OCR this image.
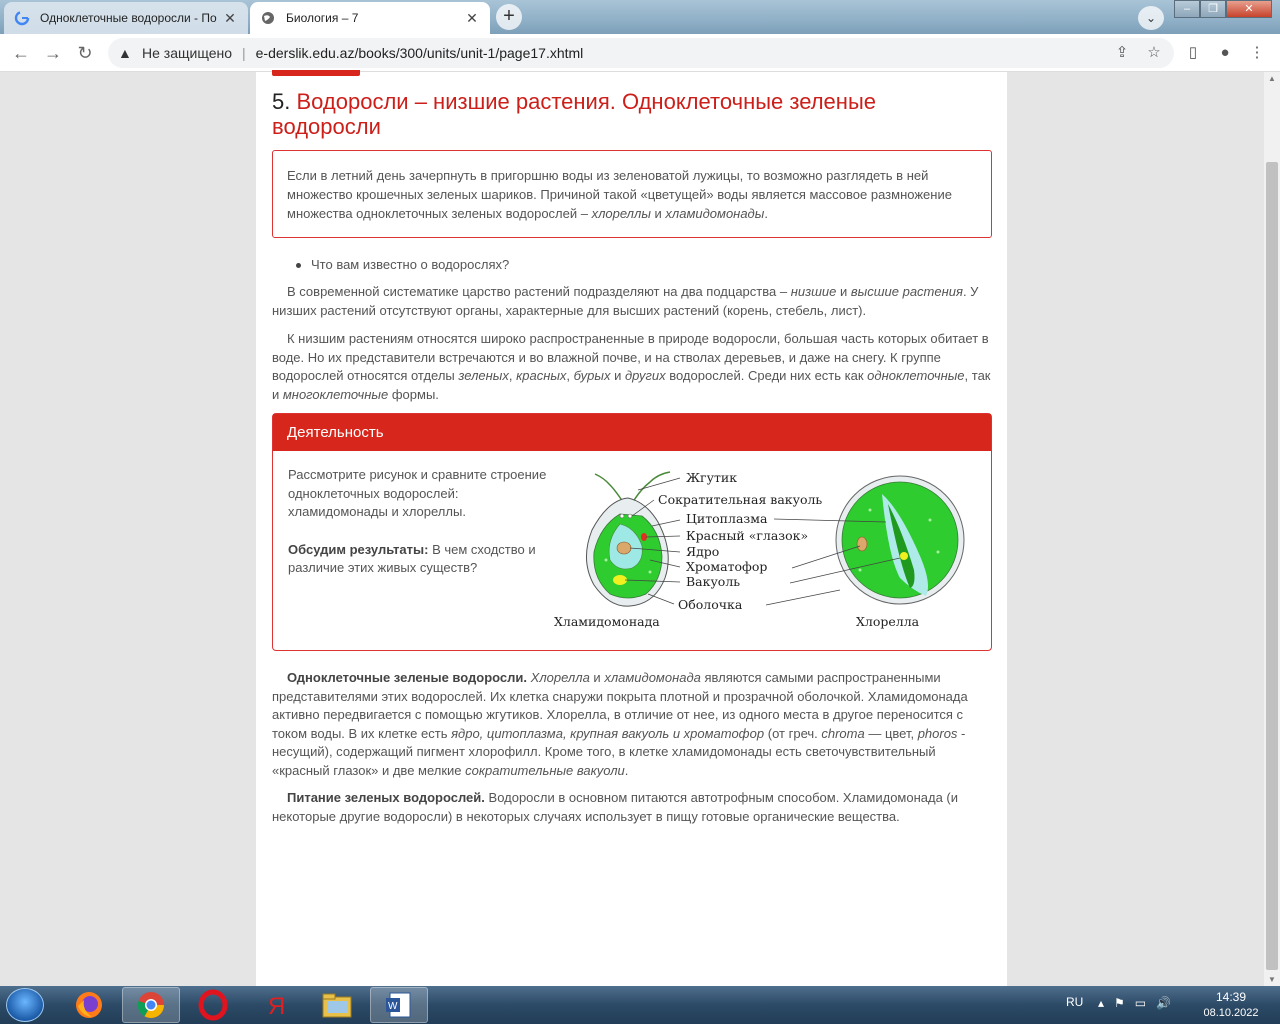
Одноклеточные водоросли - По ✕	Биология – 7	✕	+	⌄
–	❐	✕
← → ↻	▲ Не защищено | e-derslik.edu.az/books/300/units/unit-1/page17.xhtml	⇪ ☆	▯	●	⋮
5. Водоросли – низшие растения. Одноклеточные зеленые водоросли
Если в летний день зачерпнуть в пригоршню воды из зеленоватой лужицы, то возможно разглядеть в ней множество крошечных зеленых шариков. Причиной такой «цветущей» воды является массовое размножение множества одноклеточных зеленых водорослей – хлореллы и хламидомонады.
Что вам известно о водорослях?

В современной систематике царство растений подразделяют на два подцарства – низшие и высшие растения. У низших растений отсутствуют органы, характерные для высших растений (корень, стебель, лист).

К низшим растениям относятся широко распространенные в природе водоросли, большая часть которых обитает в воде. Но их представители встречаются и во влажной почве, и на стволах деревьев, и даже на снегу. К группе водорослей относятся отделы зеленых, красных, бурых и других водорослей. Среди них есть как одноклеточные, так и многоклеточные формы.

Деятельность

Рассмотрите рисунок и сравните строение одноклеточных водорослей: хламидомонады и хлореллы.

Обсудим результаты: В чем сходство и различие этих живых существ?

Жгутик
Сократительная вакуоль
Цитоплазма
Красный «глазок»
Ядро
Хроматофор
Вакуоль
Оболочка
Хламидомонада	Хлорелла

Одноклеточные зеленые водоросли. Хлорелла и хламидомонада являются самыми распространенными представителями этих водорослей. Их клетка снаружи покрыта плотной и прозрачной оболочкой. Хламидомонада активно передвигается с помощью жгутиков. Хлорелла, в отличие от нее, из одного места в другое переносится с током воды. В их клетке есть ядро, цитоплазма, крупная вакуоль и хроматофор (от греч. chroma — цвет, phoros - несущий), содержащий пигмент хлорофилл. Кроме того, в клетке хламидомонады есть светочувствительный «красный глазок» и две мелкие сократительные вакуоли.

Питание зеленых водорослей. Водоросли в основном питаются автотрофным способом. Хламидомонада (и некоторые другие водоросли) в некоторых случаях использует в пищу готовые органические вещества.

▲
▼
Я	W	RU ▴⚑▭🔊	14:39
08.10.2022
